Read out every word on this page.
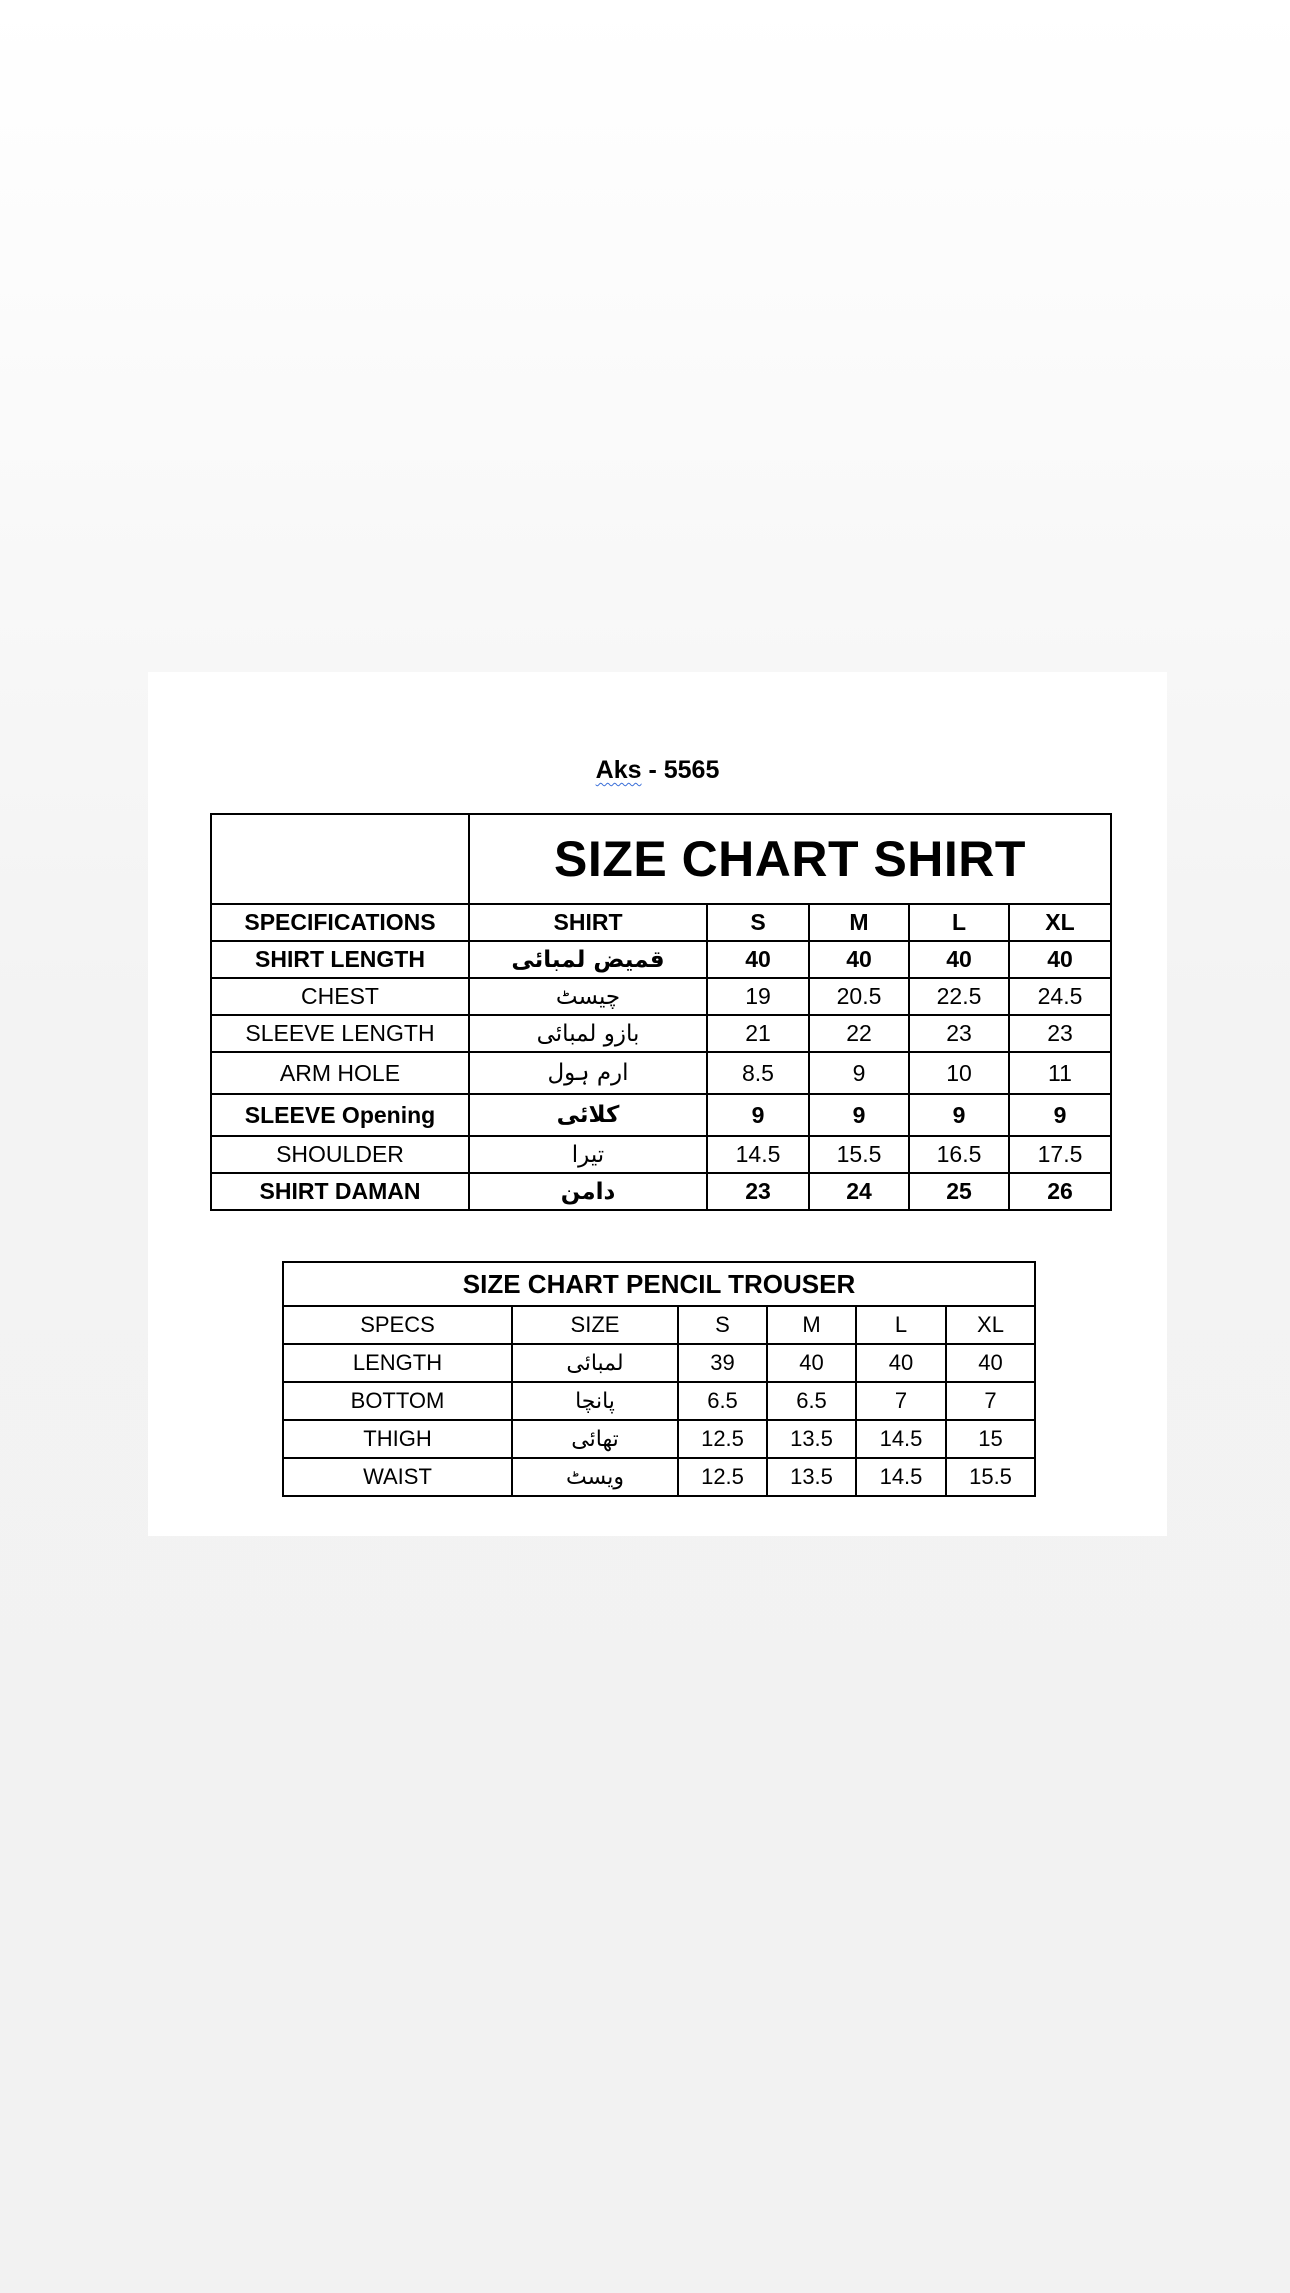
Aks - 5565
	SIZE CHART SHIRT				
SPECIFICATIONS	SHIRT	S	M	L	XL
SHIRT LENGTH	قمیض لمبائی	40	40	40	40
CHEST	چیسٹ	19	20.5	22.5	24.5
SLEEVE LENGTH	بازو لمبائی	21	22	23	23
ARM HOLE	ارم ہول	8.5	9	10	11
SLEEVE Opening	کلائی	9	9	9	9
SHOULDER	تیرا	14.5	15.5	16.5	17.5
SHIRT DAMAN	دامن	23	24	25	26
SIZE CHART PENCIL TROUSER					
SPECS	SIZE	S	M	L	XL
LENGTH	لمبائی	39	40	40	40
BOTTOM	پانچا	6.5	6.5	7	7
THIGH	تھائی	12.5	13.5	14.5	15
WAIST	ویسٹ	12.5	13.5	14.5	15.5
